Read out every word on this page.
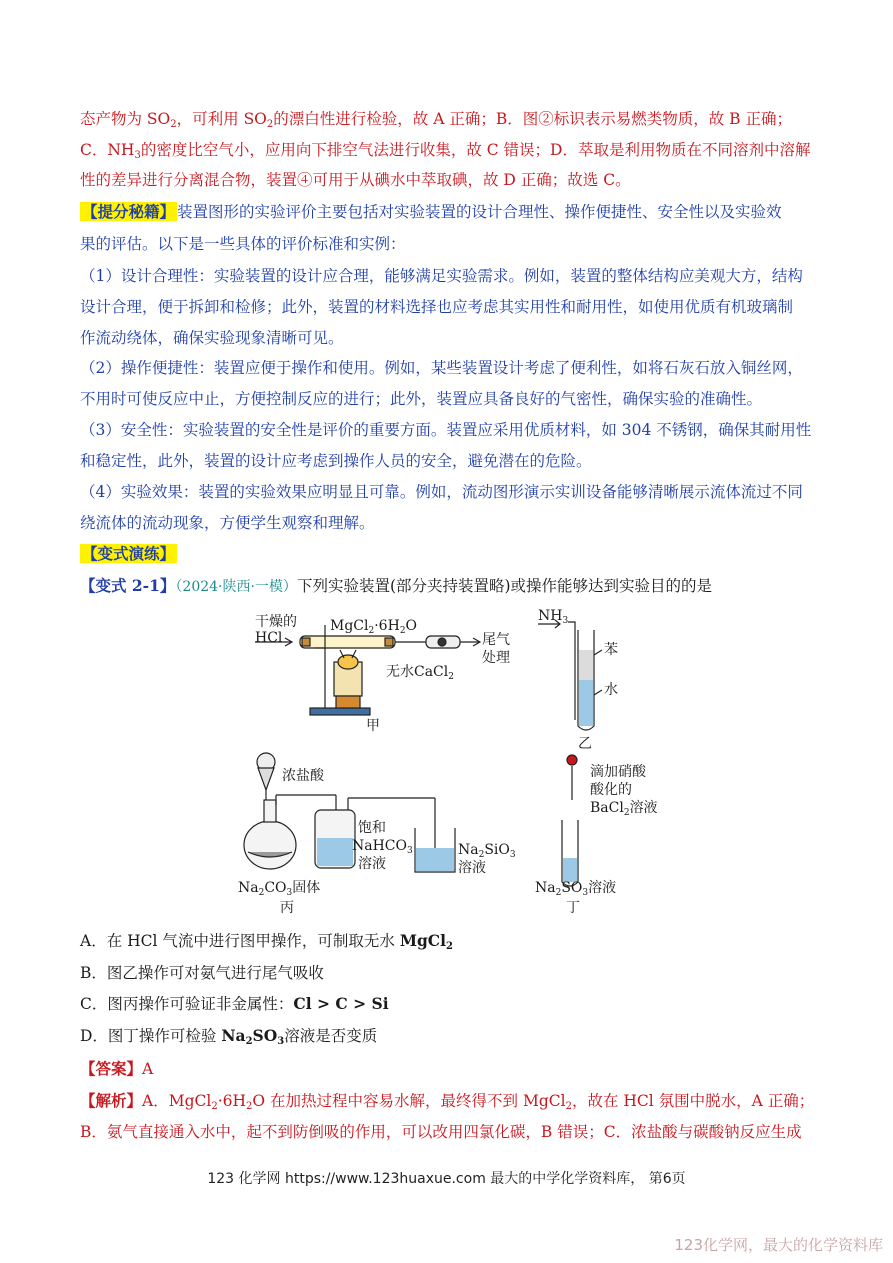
态产物为 $SO_2$，可利用 $SO_2$的漂白性进行检验，故 A 正确；B．图②标识表示易燃类物质，故 B 正确；
C．$NH_3$的密度比空气小，应用向下排空气法进行收集，故 C 错误；D．萃取是利用物质在不同溶剂中溶解
性的差异进行分离混合物，装置④可用于从碘水中萃取碘，故 D 正确；故选 C。
【提分秘籍】 装置图形的实验评价主要包括对实验装置的设计合理性、操作便捷性、安全性以及实验效
果的评估。以下是一些具体的评价标准和实例：
（1）设计合理性：实验装置的设计应合理，能够满足实验需求。例如，装置的整体结构应美观大方，结构
设计合理，便于拆卸和检修；此外，装置的材料选择也应考虑其实用性和耐用性，如使用优质有机玻璃制
作流动绕体，确保实验现象清晰可见。
（2）操作便捷性：装置应便于操作和使用。例如，某些装置设计考虑了便利性，如将石灰石放入铜丝网，
不用时可使反应中止，方便控制反应的进行；此外，装置应具备良好的气密性，确保实验的准确性。
（3）安全性：实验装置的安全性是评价的重要方面。装置应采用优质材料，如 304 不锈钢，确保其耐用性
和稳定性，此外，装置的设计应考虑到操作人员的安全，避免潜在的危险。
（4）实验效果：装置的实验效果应明显且可靠。例如，流动图形演示实训设备能够清晰展示流体流过不同
绕流体的流动现象，方便学生观察和理解。
【变式演练】
【变式 2-1】（2024·陕西·一模）下列实验装置(部分夹持装置略)或操作能够达到实验目的的是
干燥的
HCl
$MgCl_2\cdot 6H_2O$
尾气
处理
无水CaCl$_2$
甲
$NH_3$
苯
水
乙
浓盐酸
饱和
NaHCO$_3$
溶液
$Na_2SiO_3$
溶液
$Na_2CO_3$固体
丙
滴加硝酸
酸化的
BaCl$_2$溶液
$Na_2SO_3$溶液
丁
A．在 HCl 气流中进行图甲操作，可制取无水 MgCl$_2$
B．图乙操作可对氨气进行尾气吸收
C．图丙操作可验证非金属性：Cl > C > Si
D．图丁操作可检验 $Na_2SO_3$溶液是否变质
【答案】A
【解析】A．$MgCl_2\cdot 6H_2O$ 在加热过程中容易水解，最终得不到 MgCl$_2$，故在 HCl 氛围中脱水，A 正确；
B．氨气直接通入水中，起不到防倒吸的作用，可以改用四氯化碳，B 错误；C．浓盐酸与碳酸钠反应生成
123 化学网 https://www.123huaxue.com 最大的中学化学资料库， 第6页
123化学网，最大的化学资料库
